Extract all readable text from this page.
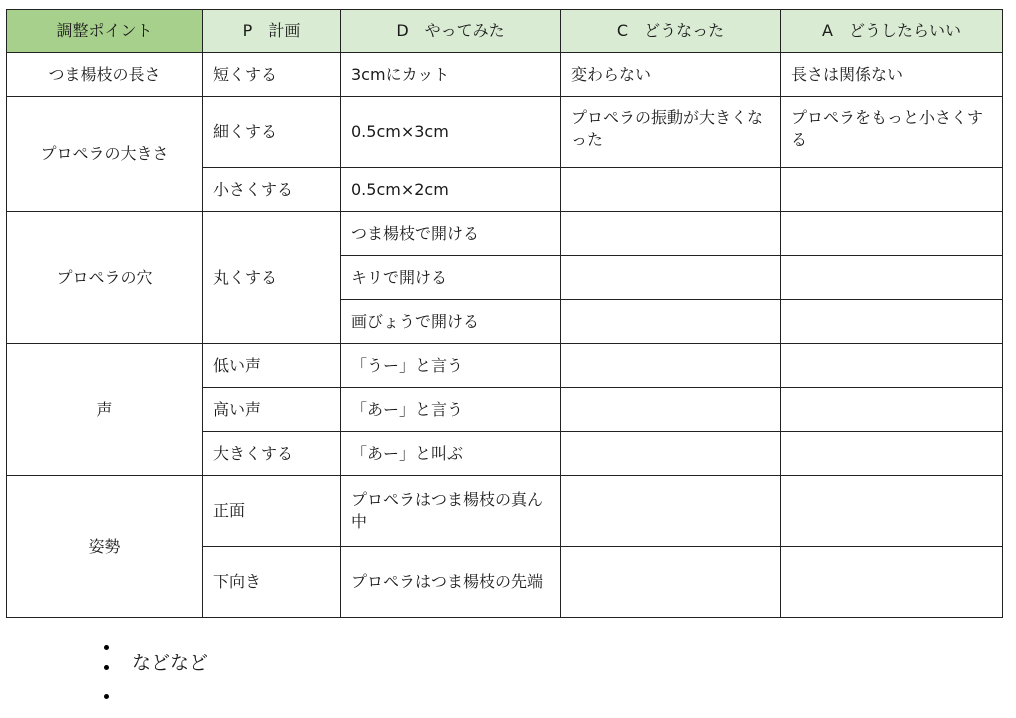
調整ポイント	P　計画	D　やってみた	C　どうなった	A　どうしたらいい
つま楊枝の長さ	短くする	3cmにカット	変わらない	長さは関係ない
プロペラの大きさ	細くする	0.5cm×3cm	プロペラの振動が大きくなった	プロペラをもっと小さくする
	小さくする	0.5cm×2cm		
プロペラの穴	丸くする	つま楊枝で開ける		
		キリで開ける		
		画びょうで開ける		
声	低い声	「うー」と言う		
	高い声	「あー」と言う		
	大きくする	「あー」と叫ぶ		
姿勢	正面	プロペラはつま楊枝の真ん中		
	下向き	プロペラはつま楊枝の先端		
などなど
